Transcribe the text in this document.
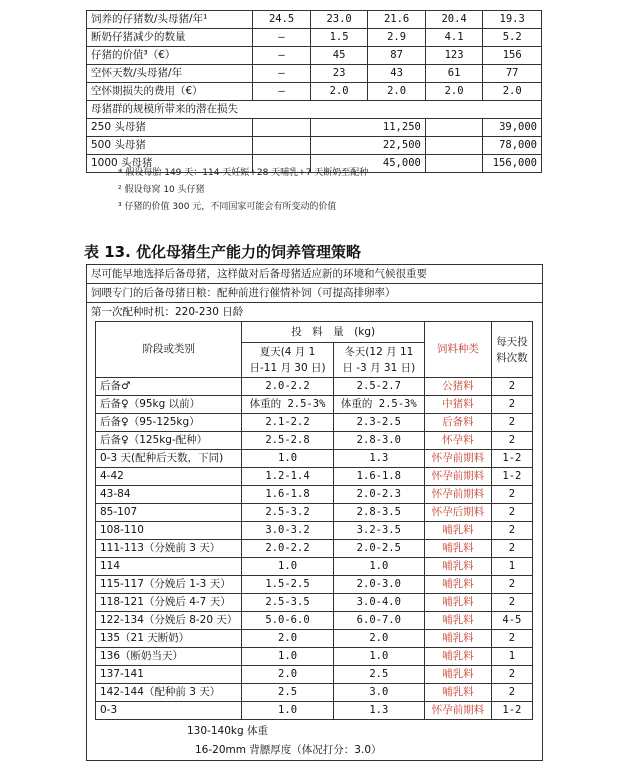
饲养的仔猪数/头母猪/年¹	24.5	23.0	21.6	20.4	19.3
断奶仔猪减少的数量	–	1.5	2.9	4.1	5.2
仔猪的价值³（€）	–	45	87	123	156
空怀天数/头母猪/年	–	23	43	61	77
空怀期损失的费用（€）	–	2.0	2.0	2.0	2.0
母猪群的规模所带来的潜在损失					
250 头母猪		11,250			39,000
500 头母猪		22,500			78,000
1000 头母猪		45,000			156,000
* 假设每胎 149 天：114 天妊娠+28 天哺乳+7 天断奶至配种
² 假设每窝 10 头仔猪
³ 仔猪的价值 300 元，不同国家可能会有所变动的价值
表 13. 优化母猪生产能力的饲养管理策略
尽可能早地选择后备母猪，这样做对后备母猪适应新的环境和气候很重要
饲喂专门的后备母猪日粮：配种前进行催情补饲（可提高排卵率）
第一次配种时机：220-230 日龄
阶段或类别	投　料　量　(kg)		饲料种类	每天投料次数
	夏天(4 月 1 日-11 月 30 日)	冬天(12 月 11 日 -3 月 31 日)		
后备♂	2.0-2.2	2.5-2.7	公猪料	2
后备♀（95kg 以前）	体重的 2.5-3%	体重的 2.5-3%	中猪料	2
后备♀（95-125kg）	2.1-2.2	2.3-2.5	后备料	2
后备♀（125kg-配种）	2.5-2.8	2.8-3.0	怀孕料	2
0-3 天(配种后天数，下同)	1.0	1.3	怀孕前期料	1-2
4-42	1.2-1.4	1.6-1.8	怀孕前期料	1-2
43-84	1.6-1.8	2.0-2.3	怀孕前期料	2
85-107	2.5-3.2	2.8-3.5	怀孕后期料	2
108-110	3.0-3.2	3.2-3.5	哺乳料	2
111-113（分娩前 3 天）	2.0-2.2	2.0-2.5	哺乳料	2
114	1.0	1.0	哺乳料	1
115-117（分娩后 1-3 天）	1.5-2.5	2.0-3.0	哺乳料	2
118-121（分娩后 4-7 天）	2.5-3.5	3.0-4.0	哺乳料	2
122-134（分娩后 8-20 天）	5.0-6.0	6.0-7.0	哺乳料	4-5
135（21 天断奶）	2.0	2.0	哺乳料	2
136（断奶当天）	1.0	1.0	哺乳料	1
137-141	2.0	2.5	哺乳料	2
142-144（配种前 3 天）	2.5	3.0	哺乳料	2
0-3	1.0	1.3	怀孕前期料	1-2
130-140kg 体重
16-20mm 背膘厚度（体况打分：3.0）
